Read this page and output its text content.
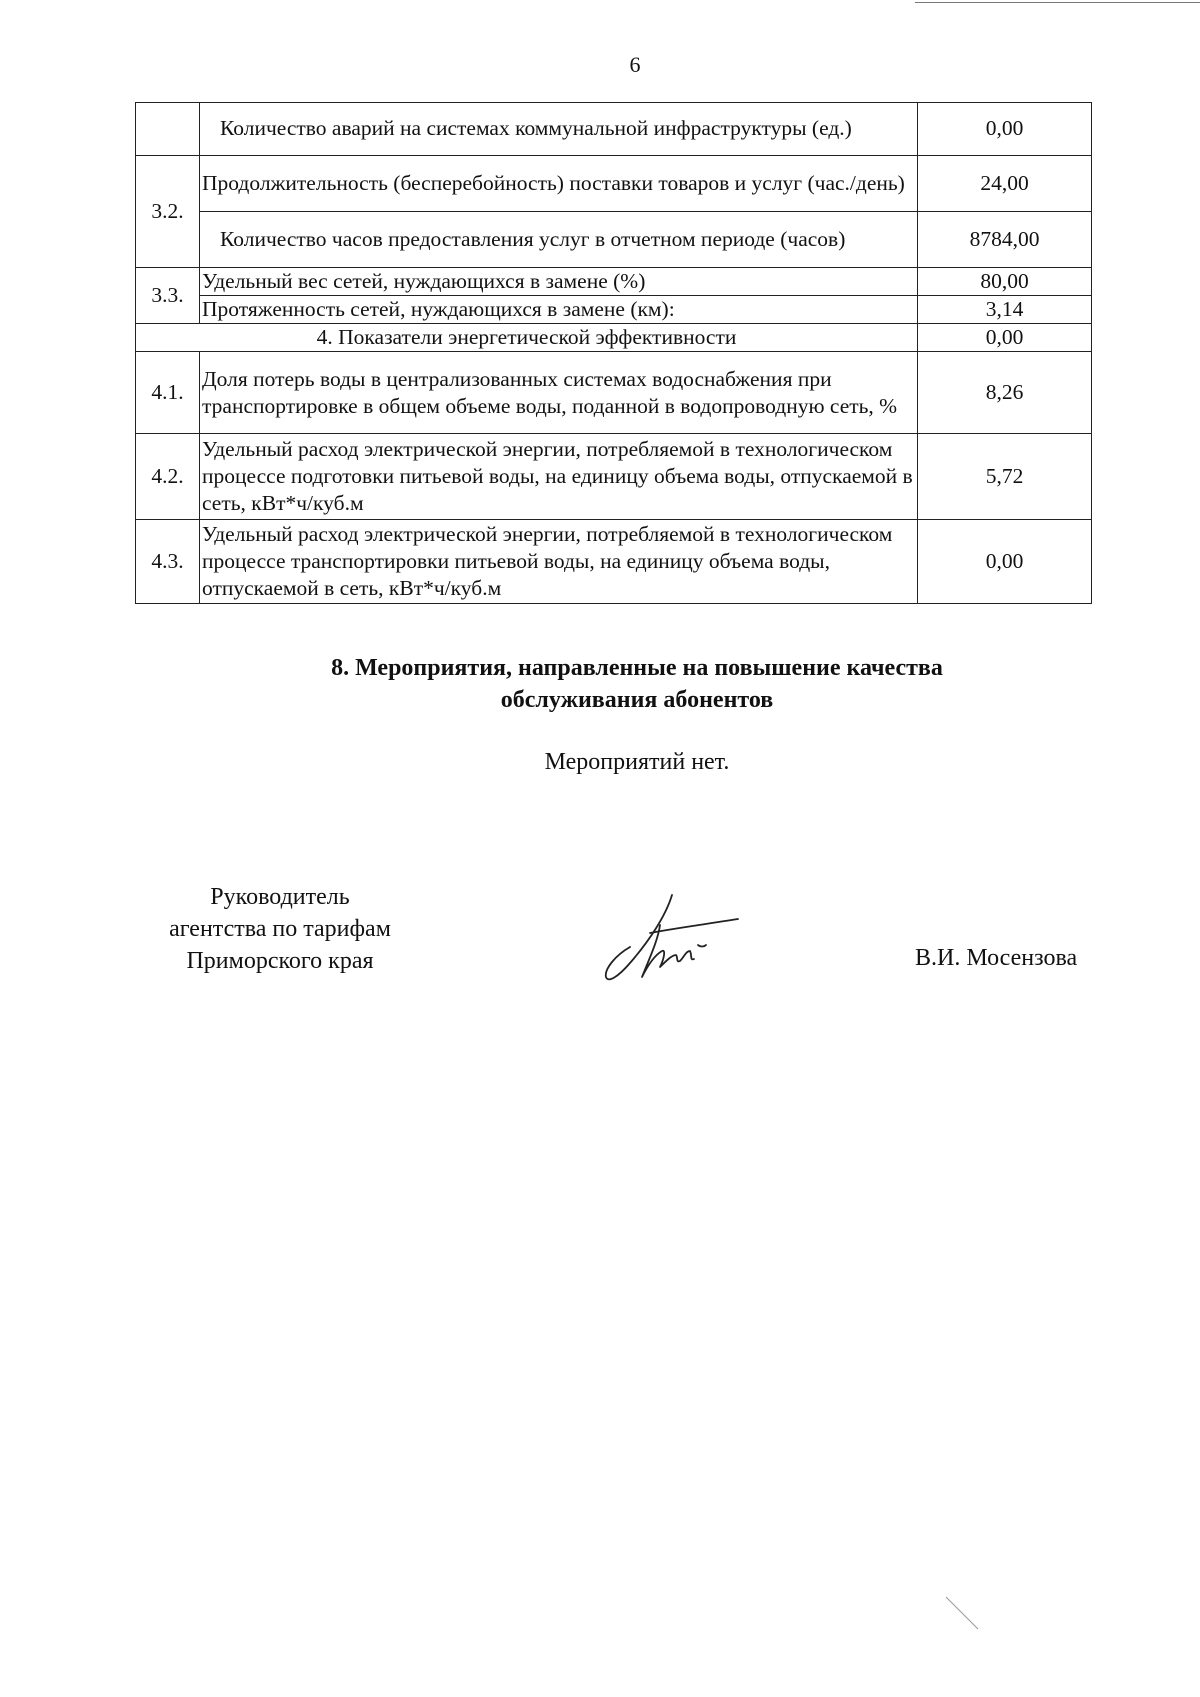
6
	Количество аварий на системах коммунальной инфраструктуры (ед.)	0,00
3.2.	Продолжительность (бесперебойность) поставки товаров и услуг (час./день)	24,00
	Количество часов предоставления услуг в отчетном периоде (часов)	8784,00
3.3.	Удельный вес сетей, нуждающихся в замене (%)	80,00
	Протяженность сетей, нуждающихся в замене (км):	3,14
4. Показатели энергетической эффективности		0,00
4.1.	Доля потерь воды в централизованных системах водоснабжения при транспортировке в общем объеме воды, поданной в водопроводную сеть, %	8,26
4.2.	Удельный расход электрической энергии, потребляемой в технологическом процессе подготовки питьевой воды, на единицу объема воды, отпускаемой в сеть, кВт*ч/куб.м	5,72
4.3.	Удельный расход электрической энергии, потребляемой в технологическом процессе транспортировки питьевой воды, на единицу объема воды, отпускаемой в сеть, кВт*ч/куб.м	0,00
8. Мероприятия, направленные на повышение качества
обслуживания абонентов
Мероприятий нет.
Руководитель
агентства по тарифам
Приморского края	В.И. Мосензова
